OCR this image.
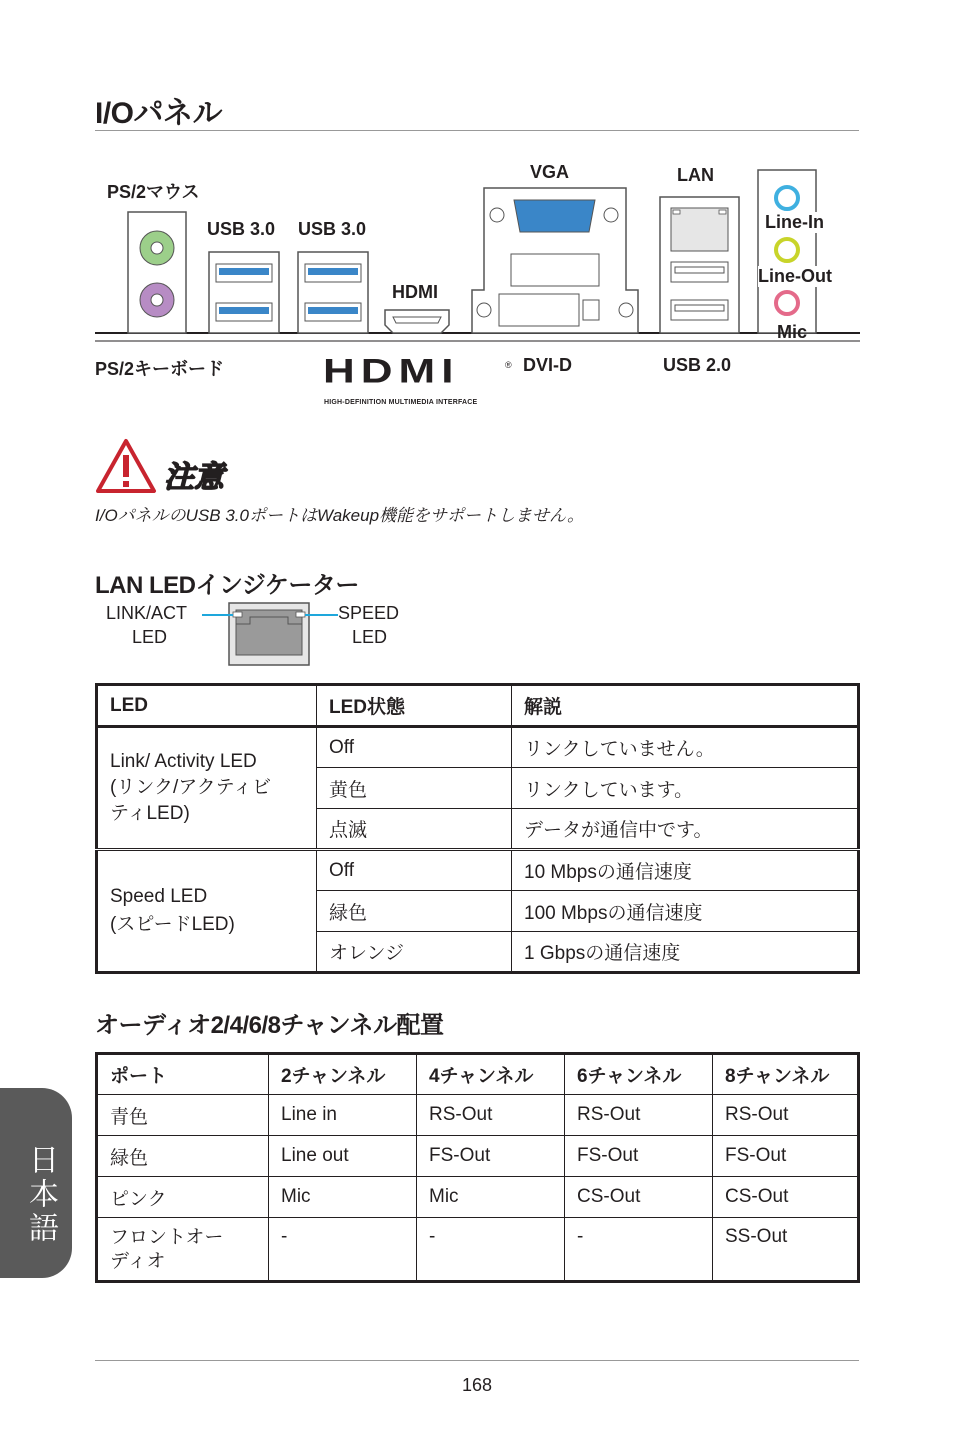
I/Oパネル
PS/2マウス
USB 3.0 USB 3.0
HDMI
VGA	LAN
Line-In
Line-Out
Mic
PS/2キーボード	DVI-D	USB 2.0
HDMI	®
HIGH-DEFINITION MULTIMEDIA INTERFACE
注意
I/OパネルのUSB 3.0ポートはWakeup機能をサポートしません。
LAN LEDインジケーター
LINK/ACT
LED
SPEED
LED
LED	LED状態	解説

Link/ Activity LED
(リンク/アクティビ
ティLED)	Off	リンクしていません。
	黄色	リンクしています。
	点滅	データが通信中です。

Speed LED
(スピードLED)	Off	10 Mbpsの通信速度
	緑色	100 Mbpsの通信速度
	オレンジ	1 Gbpsの通信速度
オーディオ2/4/6/8チャンネル配置
ポート	2チャンネル	4チャンネル	6チャンネル	8チャンネル
青色	Line in	RS-Out	RS-Out	RS-Out
緑色	Line out	FS-Out	FS-Out	FS-Out
ピンク	Mic	Mic	CS-Out	CS-Out
フロントオー
ディオ	-	-	-	SS-Out
日本語
168
